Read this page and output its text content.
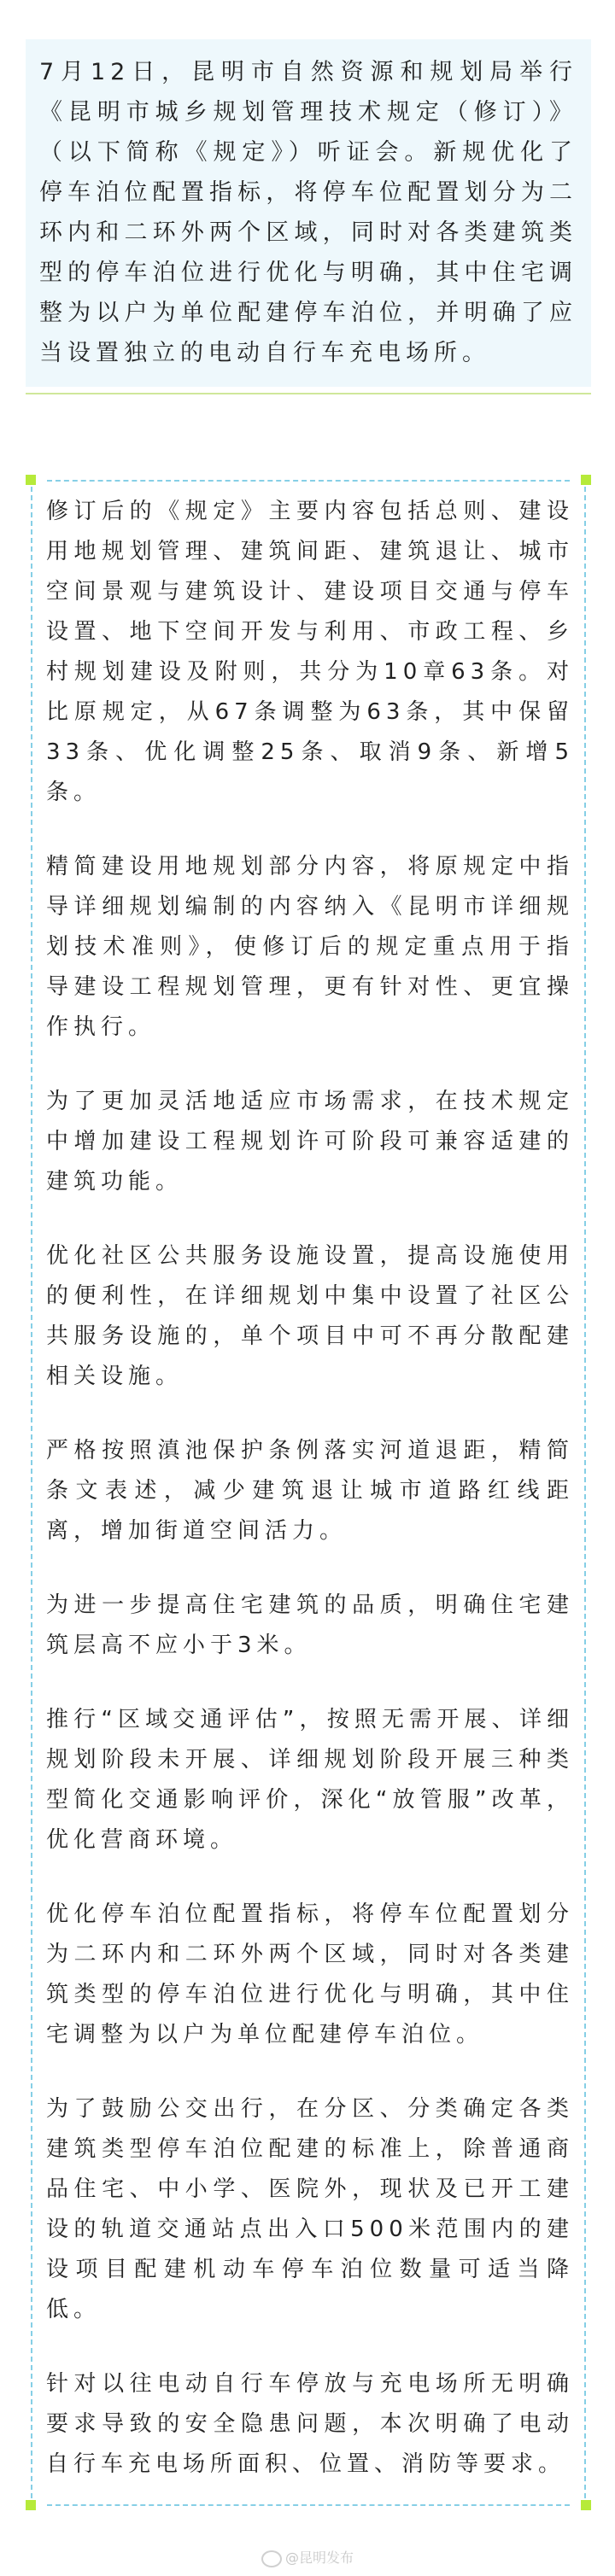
7月12日，昆明市自然资源和规划局举行《昆明市城乡规划管理技术规定（修订）》（以下简称《规定》）听证会。新规优化了停车泊位配置指标，将停车位配置划分为二环内和二环外两个区域，同时对各类建筑类型的停车泊位进行优化与明确，其中住宅调整为以户为单位配建停车泊位，并明确了应当设置独立的电动自行车充电场所。

修订后的《规定》主要内容包括总则、建设用地规划管理、建筑间距、建筑退让、城市空间景观与建筑设计、建设项目交通与停车设置、地下空间开发与利用、市政工程、乡村规划建设及附则，共分为10章63条。对比原规定，从67条调整为63条，其中保留33条、优化调整25条、取消9条、新增5条。

精简建设用地规划部分内容，将原规定中指导详细规划编制的内容纳入《昆明市详细规划技术准则》，使修订后的规定重点用于指导建设工程规划管理，更有针对性、更宜操作执行。

为了更加灵活地适应市场需求，在技术规定中增加建设工程规划许可阶段可兼容适建的建筑功能。

优化社区公共服务设施设置，提高设施使用的便利性，在详细规划中集中设置了社区公共服务设施的，单个项目中可不再分散配建相关设施。

严格按照滇池保护条例落实河道退距，精简条文表述，减少建筑退让城市道路红线距离，增加街道空间活力。

为进一步提高住宅建筑的品质，明确住宅建筑层高不应小于3米。

推行“区域交通评估”，按照无需开展、详细规划阶段未开展、详细规划阶段开展三种类型简化交通影响评价，深化“放管服”改革，优化营商环境。

优化停车泊位配置指标，将停车位配置划分为二环内和二环外两个区域，同时对各类建筑类型的停车泊位进行优化与明确，其中住宅调整为以户为单位配建停车泊位。

为了鼓励公交出行，在分区、分类确定各类建筑类型停车泊位配建的标准上，除普通商品住宅、中小学、医院外，现状及已开工建设的轨道交通站点出入口500米范围内的建设项目配建机动车停车泊位数量可适当降低。

针对以往电动自行车停放与充电场所无明确要求导致的安全隐患问题，本次明确了电动自行车充电场所面积、位置、消防等要求。

@昆明发布
